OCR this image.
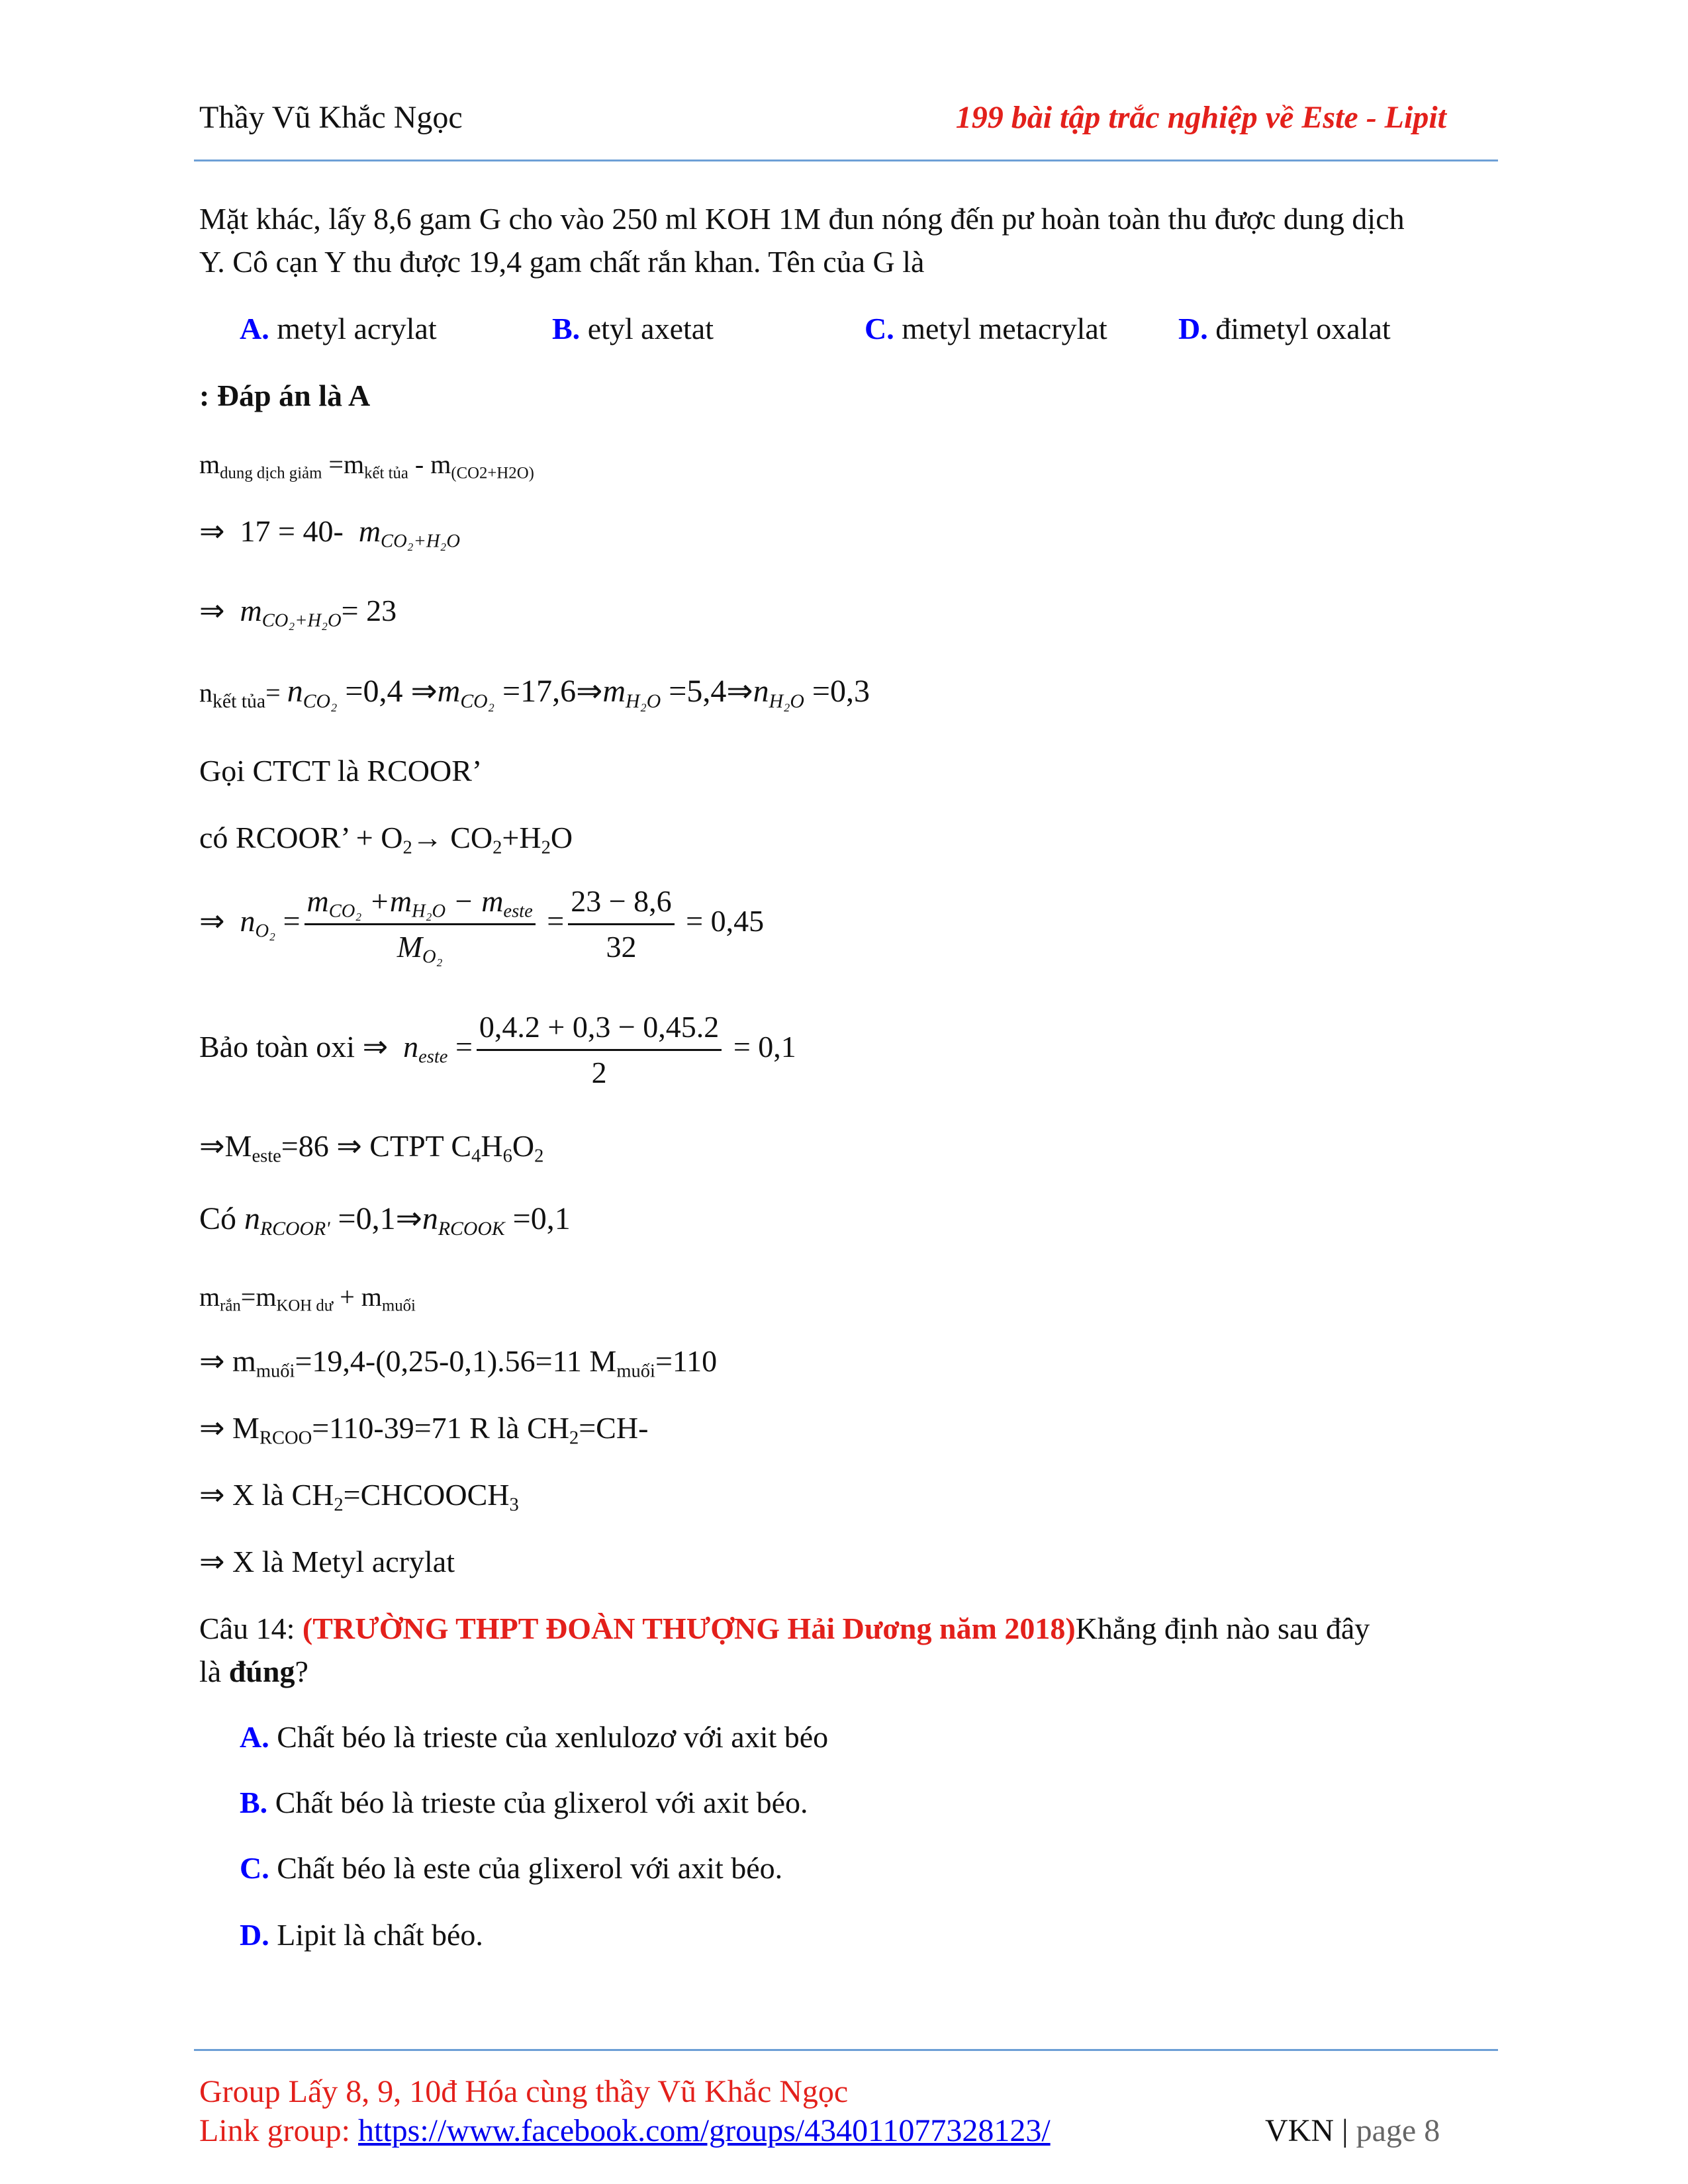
Thầy Vũ Khắc Ngọc	199 bài tập trắc nghiệp về Este - Lipit
Mặt khác, lấy 8,6 gam G cho vào 250 ml KOH 1M đun nóng đến pư hoàn toàn thu được dung dịch
Y. Cô cạn Y thu được 19,4 gam chất rắn khan. Tên của G là
A. metyl acrylat	B. etyl axetat	C. metyl metacrylat D. đimetyl oxalat
: Đáp án là A
$m_{dung dịch giảm} =m_{kết tủa} - m_{(CO2+H2O)}$
⇒  17 = 40-  $m_{CO_2+H_2O}$
⇒ $m_{CO_2+H_2O}= 23$
$n_{kết tủa}= n_{CO_2} =0,4$ $\Rightarrow m_{CO_2}$ $=17,6\Rightarrow m_{H_2O}$ $=5,4\Rightarrow n_{H_2O} =0,3$
Gọi CTCT là RCOOR’
có RCOOR’ + $O_2\to CO_2+H_2O$
⇒ $n_{O_2} = \frac{m_{CO_2} +m_{H_2O} - m_{este}}{M_{O_2}} = \frac{23 - 8,6}{32} = 0,45$
Bảo toàn oxi ⇒  $n_{este} = \frac{0,4.2 + 0,3 - 0,45.2}{2} = 0,1$
$\Rightarrow M_{este}=86$ ⇒ CTPT $C_4H_6O_2$
Có $n_{RCOOR'}$ $=0,1\Rightarrow n_{RCOOK} =0,1$
$m_{rắn}=m_{KOH dư} + m_{muối}$
⇒ $m_{muối}=19,4-(0,25-0,1).56=11$ $M_{muối}=110$
⇒ $M_{RCOO}=110-39=71$ R là $CH_2=CH-$
⇒ X là $CH_2=CHCOOCH_3$
⇒ X là Metyl acrylat
Câu 14: (TRƯỜNG THPT ĐOÀN THƯỢNG Hải Dương năm 2018)Khẳng định nào sau đây
là đúng?
A. Chất béo là trieste của xenlulozơ với axit béo
B. Chất béo là trieste của glixerol với axit béo.
C. Chất béo là este của glixerol với axit béo.
D. Lipit là chất béo.
Group Lấy 8, 9, 10đ Hóa cùng thầy Vũ Khắc Ngọc
Link group: https://www.facebook.com/groups/434011077328123/	VKN | page 8
